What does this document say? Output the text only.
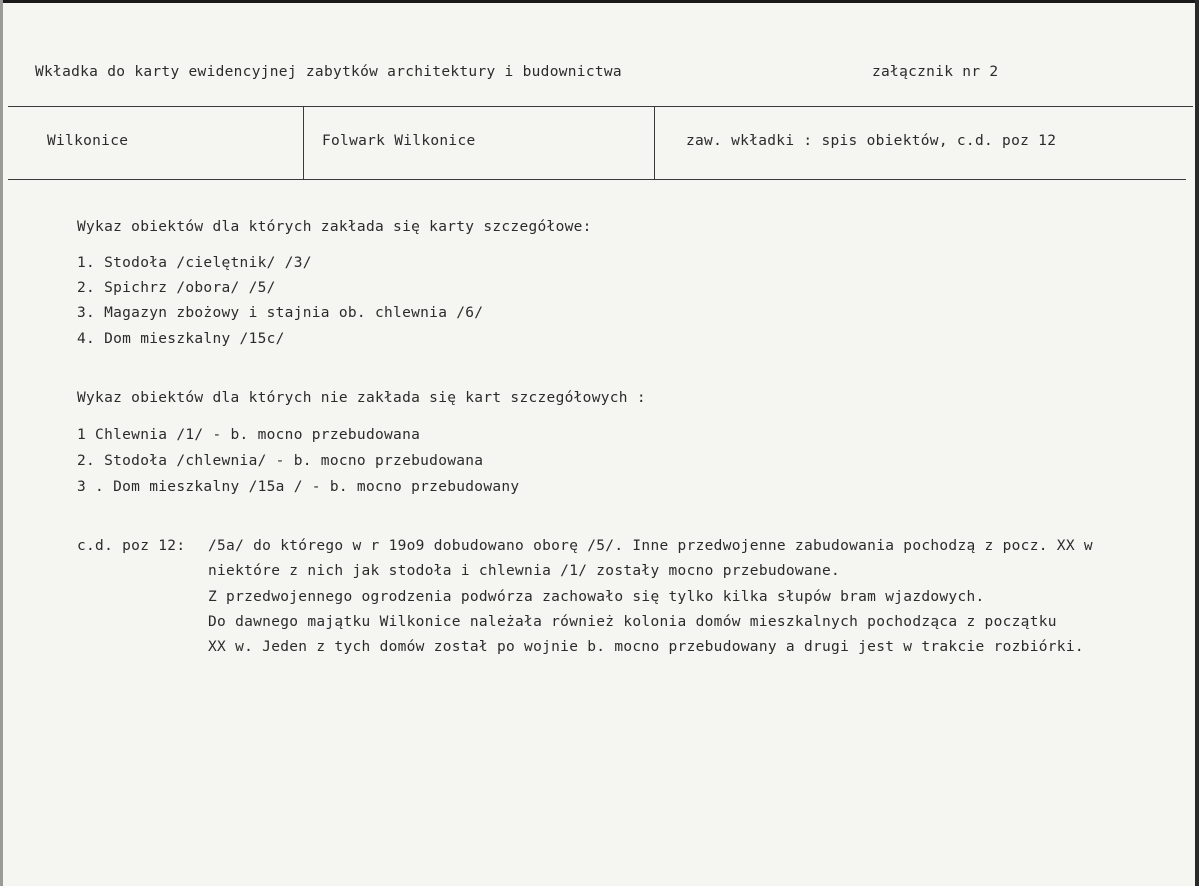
Wkładka do karty ewidencyjnej zabytków architektury i budownictwa	załącznik nr 2
Wilkonice	Folwark Wilkonice	zaw. wkładki : spis obiektów, c.d. poz 12
Wykaz obiektów dla których zakłada się karty szczegółowe:
1. Stodoła /cielętnik/ /3/
2. Spichrz /obora/ /5/
3. Magazyn zbożowy i stajnia ob. chlewnia /6/
4. Dom mieszkalny /15c/
Wykaz obiektów dla których nie zakłada się kart szczegółowych :
1 Chlewnia /1/ - b. mocno przebudowana
2. Stodoła /chlewnia/ - b. mocno przebudowana
3 . Dom mieszkalny /15a / - b. mocno przebudowany
c.d. poz 12: /5a/ do którego w r 19o9 dobudowano oborę /5/. Inne przedwojenne zabudowania pochodzą z pocz. XX w
niektóre z nich jak stodoła i chlewnia /1/ zostały mocno przebudowane.
Z przedwojennego ogrodzenia podwórza zachowało się tylko kilka słupów bram wjazdowych.
Do dawnego majątku Wilkonice należała również kolonia domów mieszkalnych pochodząca z początku
XX w. Jeden z tych domów został po wojnie b. mocno przebudowany a drugi jest w trakcie rozbiórki.
